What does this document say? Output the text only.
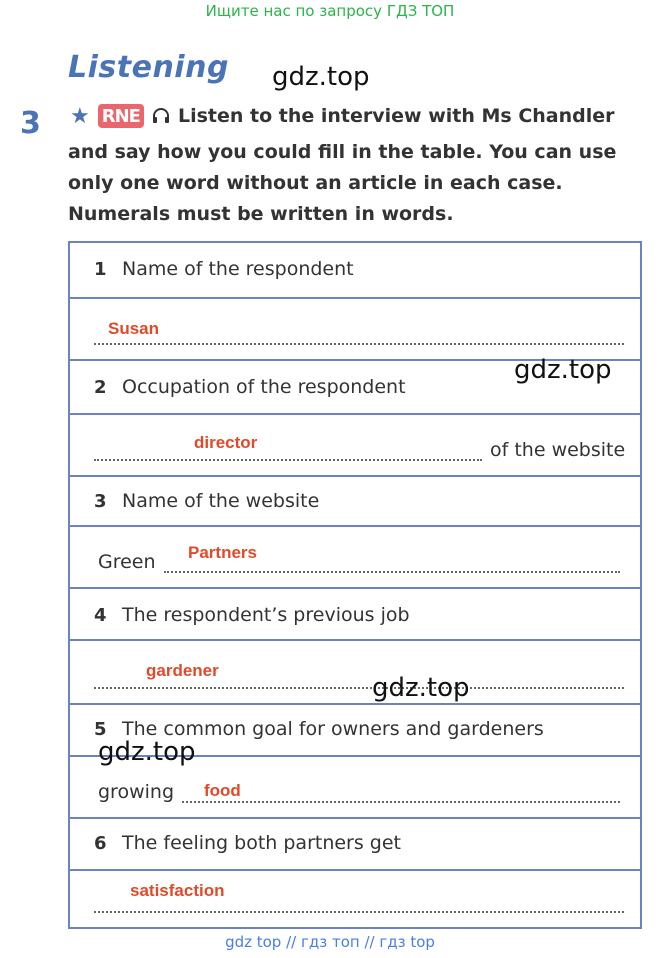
Ищите нас по запросу ГДЗ ТОП
Listening gdz.top
3 ★ RNE Listen to the interview with Ms Chandler
and say how you could fill in the table. You can use only one word without an article in each case. Numerals must be written in words.
1 Name of the respondent
Susan
2 Occupation of the respondent
director	of the website
3 Name of the website
Green Partners
4 The respondent’s previous job
gardener
5 The common goal for owners and gardeners
growing food
6 The feeling both partners get
satisfaction
gdz.top
gdz.top
gdz.top
gdz top // гдз топ // гдз top
